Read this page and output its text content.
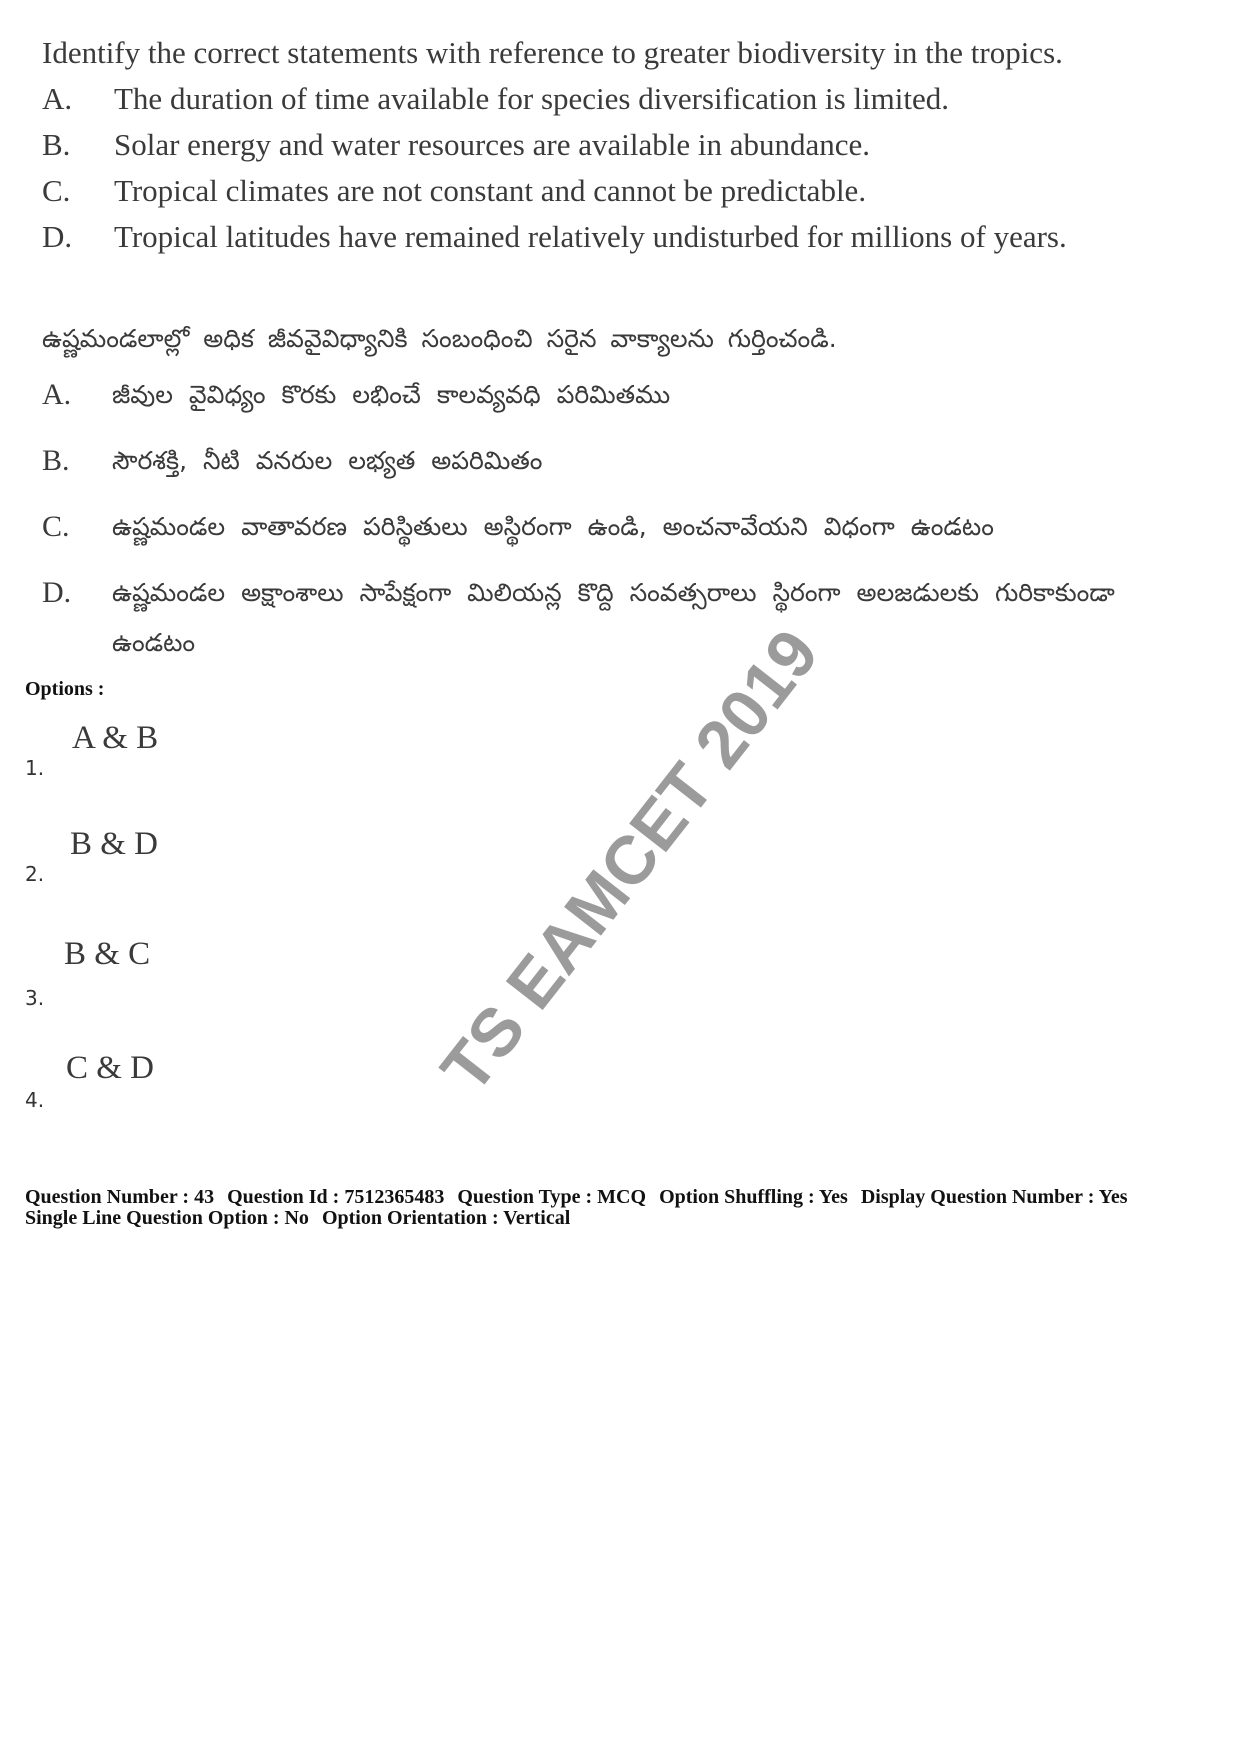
Identify the correct statements with reference to greater biodiversity in the tropics.

A.	The duration of time available for species diversification is limited.
B.	Solar energy and water resources are available in abundance.
C.	Tropical climates are not constant and cannot be predictable.
D.	Tropical latitudes have remained relatively undisturbed for millions of years.

ఉష్ణమండలాల్లో అధిక జీవవైవిధ్యానికి సంబంధించి సరైన వాక్యాలను గుర్తించండి.

A.	జీవుల వైవిధ్యం కొరకు లభించే కాలవ్యవధి పరిమితము
B.	సౌరశక్తి, నీటి వనరుల లభ్యత అపరిమితం
C.	ఉష్ణమండల వాతావరణ పరిస్థితులు అస్థిరంగా ఉండి, అంచనావేయని విధంగా ఉండటం
D.	ఉష్ణమండల అక్షాంశాలు సాపేక్షంగా మిలియన్ల కొద్ది సంవత్సరాలు స్థిరంగా అలజడులకు గురికాకుండా ఉండటం
Options :
A & B
1.
B & D
2.
B & C
3.
C & D
4.	TS EAMCET 2019
Question Number : 43 Question Id : 7512365483 Question Type : MCQ Option Shuffling : Yes Display Question Number : Yes
Single Line Question Option : No Option Orientation : Vertical
